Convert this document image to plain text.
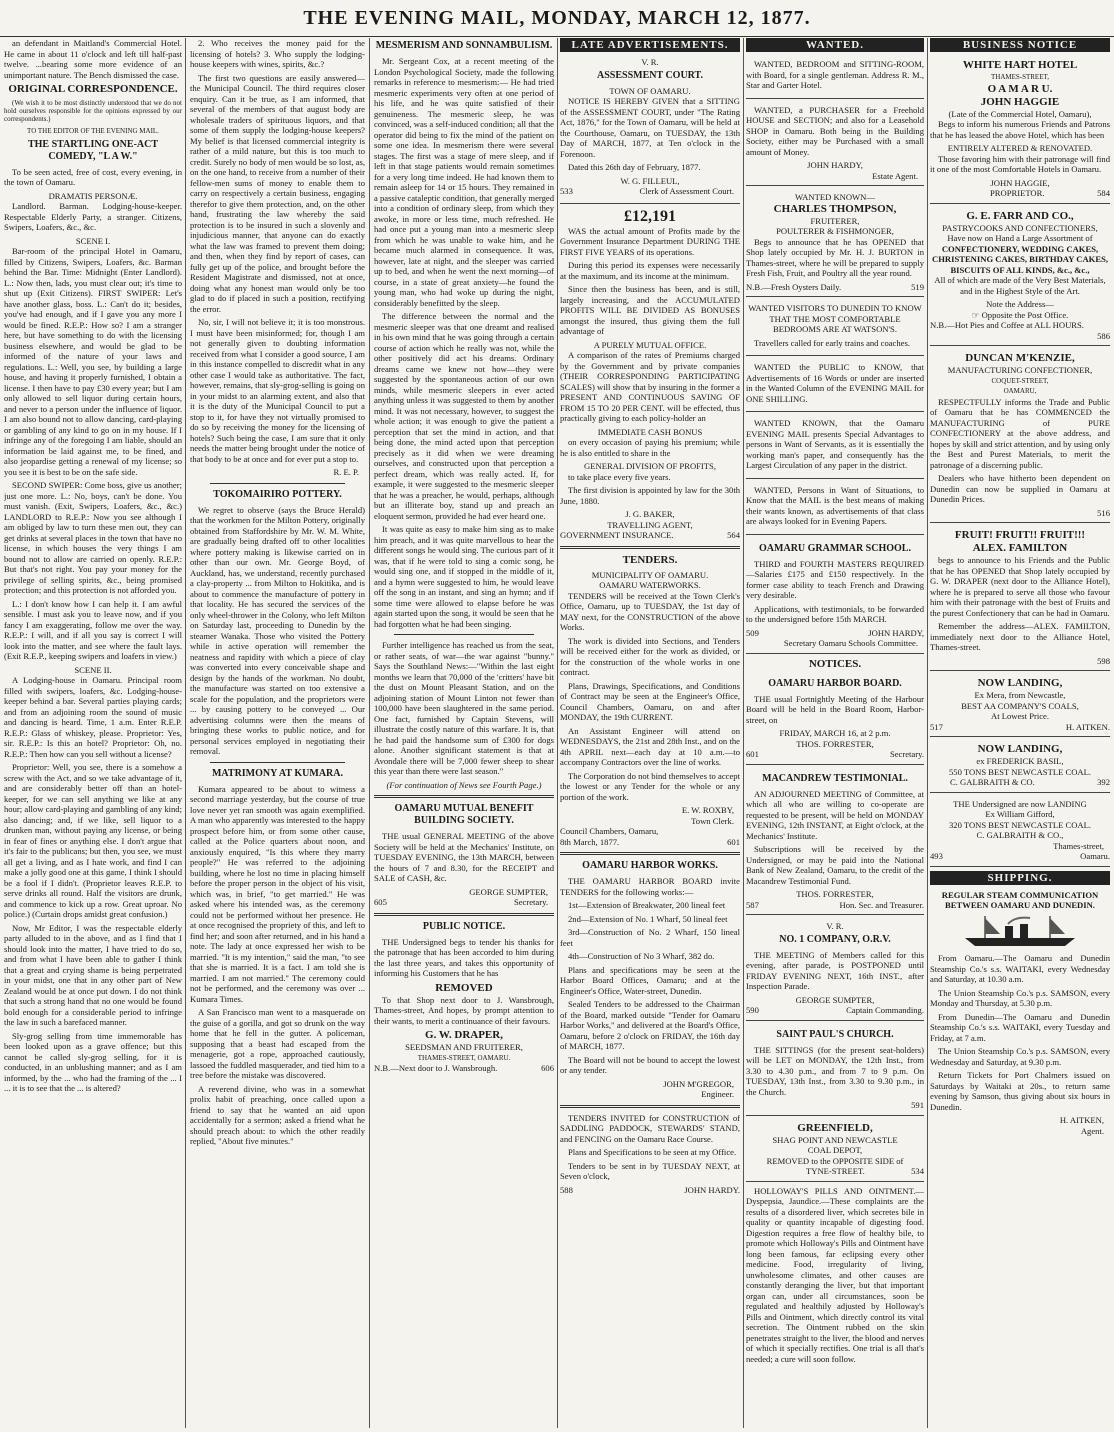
THE EVENING MAIL, MONDAY, MARCH 12, 1877.

an defendant in Maitland's Commercial Hotel. He came in about 11 o'clock and left till half-past twelve. ...bearing some more evidence of an unimportant nature. The Bench dismissed the case.

ORIGINAL CORRESPONDENCE.

(We wish it to be most distinctly understood that we do not hold ourselves responsible for the opinions expressed by our correspondents.)

TO THE EDITOR OF THE EVENING MAIL.
THE STARTLING ONE-ACT COMEDY, "L A W."

To be seen acted, free of cost, every evening, in the town of Oamaru.

DRAMATIS PERSONÆ.

Landlord. Barman. Lodging-house-keeper. Respectable Elderly Party, a stranger. Citizens, Swipers, Loafers, &c., &c.

SCENE I.

Bar-room of the principal Hotel in Oamaru, filled by Citizens, Swipers, Loafers, &c. Barman behind the Bar. Time: Midnight (Enter Landlord). L.: Now then, lads, you must clear out; it's time to shut up (Exit Citizens). FIRST SWIPER: Let's have another glass, boss. L.: Can't do it; besides, you've had enough, and if I gave you any more I would be fined. R.E.P.: How so? I am a stranger here, but have something to do with the licensing business elsewhere, and would be glad to be informed of the nature of your laws and regulations. L.: Well, you see, by building a large house, and having it properly furnished, I obtain a license. I then have to pay £30 every year; but I am only allowed to sell liquor during certain hours, and never to a person under the influence of liquor. I am also bound not to allow dancing, card-playing or gambling of any kind to go on in my house. If I infringe any of the foregoing I am liable, should an information be laid against me, to be fined, and also jeopardise getting a renewal of my license; so you see it is best to be on the safe side.

SECOND SWIPER: Come boss, give us another; just one more. L.: No, boys, can't be done. You must vanish. (Exit, Swipers, Loafers, &c., &c.) LANDLORD to R.E.P.: Now you see although I am obliged by law to turn these men out, they can get drinks at several places in the town that have no license, in which houses the very things I am bound not to allow are carried on openly. R.E.P.: But that's not right. You pay your money for the privilege of selling spirits, &c., being promised protection; and this protection is not afforded you.

L.: I don't know how I can help it. I am awful sensible. I must ask you to leave now, and if you fancy I am exaggerating, follow me over the way. R.E.P.: I will, and if all you say is correct I will look into the matter, and see where the fault lays. (Exit R.E.P., keeping swipers and loafers in view.)

SCENE II.

A Lodging-house in Oamaru. Principal room filled with swipers, loafers, &c. Lodging-house-keeper behind a bar. Several parties playing cards; and from an adjoining room the sound of music and dancing is heard. Time, 1 a.m. Enter R.E.P. R.E.P.: Glass of whiskey, please. Proprietor: Yes, sir. R.E.P.: Is this an hotel? Proprietor: Oh, no. R.E.P.: Then how can you sell without a license?

Proprietor: Well, you see, there is a somehow a screw with the Act, and so we take advantage of it, and are considerably better off than an hotel-keeper, for we can sell anything we like at any hour; allow card-playing and gambling of any kind; also dancing; and, if we like, sell liquor to a drunken man, without paying any license, or being in fear of fines or anything else. I don't argue that it's fair to the publicans; but then, you see, we must all get a living, and as I hate work, and find I can make a jolly good one at this game, I think I should be a fool if I didn't. (Proprietor leaves R.E.P. to serve drinks all round. Half the visitors are drunk, and commence to kick up a row. Great uproar. No police.) (Curtain drops amidst great confusion.)

Now, Mr Editor, I was the respectable elderly party alluded to in the above, and as I find that I should look into the matter, I have tried to do so, and from what I have been able to gather I think that a great and crying shame is being perpetrated in your midst, one that in any other part of New Zealand would be at once put down. I do not think that such a strong hand that no one would be found bold enough for a considerable period to infringe the law in such a barefaced manner.

Sly-grog selling from time immemorable has been looked upon as a grave offence; but this cannot be called sly-grog selling, for it is conducted, in an unblushing manner; and as I am informed, by the ... who had the framing of the ... I ... it is to see that the ... is altered?

2. Who receives the money paid for the licensing of hotels? 3. Who supply the lodging-house keepers with wines, spirits, &c.?

The first two questions are easily answered—the Municipal Council. The third requires closer enquiry. Can it be true, as I am informed, that several of the members of that august body are wholesale traders of spirituous liquors, and that some of them supply the lodging-house keepers? My belief is that licensed commercial integrity is rather of a mild nature, but this is too much to credit. Surely no body of men would be so lost, as, on the one hand, to receive from a number of their fellow-men sums of money to enable them to carry on respectively a certain business, engaging therefor to give them protection, and, on the other hand, frustrating the law whereby the said protection is to be insured in such a slovenly and injudicious manner, that anyone can do exactly what the law was framed to prevent them doing; and then, when they find by report of cases, can fully get up of the police, and brought before the Resident Magistrate and dismissed, not at once, doing what any honest man would only be too glad to do if placed in such a position, rectifying the error.

No, sir, I will not believe it; it is too monstrous. I must have been misinformed; for, though I am not generally given to doubting information received from what I consider a good source, I am in this instance compelled to discredit what in any other case I would take as authoritative. The fact, however, remains, that sly-grog-selling is going on in your midst to an alarming extent, and also that it is the duty of the Municipal Council to put a stop to it, for have they not virtually promised to do so by receiving the money for the licensing of hotels? Such being the case, I am sure that it only needs the matter being brought under the notice of that body to be at once and for ever put a stop to.

R. E. P.
TOKOMAIRIRO POTTERY.

We regret to observe (says the Bruce Herald) that the workmen for the Milton Pottery, originally obtained from Staffordshire by Mr. W. M. White, are gradually being drafted off to other localities where pottery making is likewise carried on in other than our own. Mr. George Boyd, of Auckland, has, we understand, recently purchased a clay-property ... from Milton to Hokitika, and is about to commence the manufacture of pottery in that locality. He has secured the services of the only wheel-thrower in the Colony, who left Milton on Saturday last, proceeding to Dunedin by the steamer Wanaka. Those who visited the Pottery while in active operation will remember the neatness and rapidity with which a piece of clay was converted into every conceivable shape and design by the hands of the workman. No doubt, the manufacture was started on too extensive a scale for the population, and the proprietors were ... by causing pottery to be conveyed ... Our advertising columns were then the means of bringing these works to public notice, and for personal services employed in negotiating their removal.

MATRIMONY AT KUMARA.

Kumara appeared to be about to witness a second marriage yesterday, but the course of true love never yet ran smooth was again exemplified. A man who apparently was interested to the happy prospect before him, or from some other cause, called at the Police quarters about noon, and anxiously enquired, "Is this where they marry people?" He was referred to the adjoining building, where he lost no time in placing himself before the proper person in the object of his visit, which was, in brief, "to get married." He was asked where his intended was, as the ceremony could not be performed without her presence. He at once recognised the propriety of this, and left to find her; and soon after returned, and in his hand a note. The lady at once expressed her wish to be married. "It is my intention," said the man, "to see that she is married. It is a fact. I am told she is married. I am not married." The ceremony could not be performed, and the ceremony was over ... Kumara Times.

A San Francisco man went to a masquerade on the guise of a gorilla, and got so drunk on the way home that he fell in the gutter. A policeman, supposing that a beast had escaped from the menagerie, got a rope, approached cautiously, lassoed the fuddled masquerader, and tied him to a tree before the mistake was discovered.

A reverend divine, who was in a somewhat prolix habit of preaching, once called upon a friend to say that he wanted an aid upon accidentally for a sermon; asked a friend what he should preach about: to which the other readily replied, "About five minutes."

MESMERISM AND SONNAMBULISM.

Mr. Sergeant Cox, at a recent meeting of the London Psychological Society, made the following remarks in reference to mesmerism:— He had tried mesmeric experiments very often at one period of his life, and he was quite satisfied of their genuineness. The mesmeric sleep, he was convinced, was a self-induced condition; all that the operator did being to fix the mind of the patient on some one idea. In mesmerism there were several stages. The first was a stage of mere sleep, and if left in that stage patients would remain sometimes for a very long time indeed. He had known them to remain asleep for 14 or 15 hours. They remained in a passive cataleptic condition, that generally merged into a condition of ordinary sleep, from which they awoke, in more or less time, much refreshed. He had once put a young man into a mesmeric sleep from which he was unable to wake him, and he became much alarmed in consequence. It was, however, late at night, and the sleeper was carried up to bed, and when he went the next morning—of course, in a state of great anxiety—he found the young man, who had woke up during the night, considerably benefitted by the sleep.

The difference between the normal and the mesmeric sleeper was that one dreamt and realised in his own mind that he was going through a certain course of action which he really was not, while the other positively did act his dreams. Ordinary dreams came we knew not how—they were suggested by the spontaneous action of our own minds, while mesmeric sleepers in ever acted anything unless it was suggested to them by another mind. It was not necessary, however, to suggest the whole action; it was enough to give the patient a perception that set the mind in action, and that being done, the mind acted upon that perception precisely as it did when we were dreaming ourselves, and constructed upon that perception a perfect dream, which was really acted. If, for example, it were suggested to the mesmeric sleeper that he was a preacher, he would, perhaps, although but an illiterate boy, stand up and preach an eloquent sermon, provided he had ever heard one.

It was quite as easy to make him sing as to make him preach, and it was quite marvellous to hear the different songs he would sing. The curious part of it was, that if he were told to sing a comic song, he would sing one, and if stopped in the middle of it, and a hymn were suggested to him, he would leave off the song in an instant, and sing an hymn; and if some time were allowed to elapse before he was again started upon the song, it would be seen that he had forgotten what he had been singing.

Further intelligence has reached us from the seat, or rather seats, of war—the war against "bunny." Says the Southland News:—"Within the last eight months we learn that 70,000 of the 'critters' have bit the dust on Mount Pleasant Station, and on the adjoining station of Mount Linton not fewer than 100,000 have been slaughtered in the same period. One fact, furnished by Captain Stevens, will illustrate the costly nature of this warfare. It is, that he had paid the handsome sum of £300 for dogs alone. Another significant statement is that at Avondale there will be 7,000 fewer sheep to shear this year than there were last season."

(For continuation of News see Fourth Page.)
OAMARU MUTUAL BENEFIT BUILDING SOCIETY.

THE usual GENERAL MEETING of the above Society will be held at the Mechanics' Institute, on TUESDAY EVENING, the 13th MARCH, between the hours of 7 and 8.30, for the RECEIPT and SALE of CASH, &c.

GEORGE SUMPTER,
605	Secretary.
PUBLIC NOTICE.

THE Undersigned begs to tender his thanks for the patronage that has been accorded to him during the last three years, and takes this opportunity of informing his Customers that he has

REMOVED

To that Shop next door to J. Wansbrough, Thames-street, And hopes, by prompt attention to their wants, to merit a continuance of their favours.

G. W. DRAPER,
SEEDSMAN AND FRUITERER,
THAMES-STREET, OAMARU.
N.B.—Next door to J. Wansbrough.	606
LATE ADVERTISEMENTS.
V. R.
ASSESSMENT COURT.
TOWN OF OAMARU.

NOTICE IS HEREBY GIVEN that a SITTING of the ASSESSMENT COURT, under "The Rating Act, 1876," for the Town of Oamaru, will be held at the Courthouse, Oamaru, on TUESDAY, the 13th Day of MARCH, 1877, at Ten o'clock in the Forenoon.

Dated this 26th day of February, 1877.

W. G. FILLEUL,
533	Clerk of Assessment Court.
£12,191

WAS the actual amount of Profits made by the Government Insurance Department DURING THE FIRST FIVE YEARS of its operations.

During this period its expenses were necessarily at the maximum, and its income at the minimum.

Since then the business has been, and is still, largely increasing, and the ACCUMULATED PROFITS WILL BE DIVIDED AS BONUSES amongst the insured, thus giving them the full advantage of

A PURELY MUTUAL OFFICE.

A comparison of the rates of Premiums charged by the Government and by private companies (THEIR CORRESPONDING PARTICIPATING SCALES) will show that by insuring in the former a PRESENT AND CONTINUOUS SAVING OF FROM 15 TO 20 PER CENT. will be effected, thus practically giving to each policy-holder an

IMMEDIATE CASH BONUS

on every occasion of paying his premium; while he is also entitled to share in the

GENERAL DIVISION OF PROFITS,

to take place every five years.

The first division is appointed by law for the 30th June, 1880.

J. G. BAKER,
TRAVELLING AGENT,
GOVERNMENT INSURANCE.	564
TENDERS.
MUNICIPALITY OF OAMARU.
OAMARU WATERWORKS.

TENDERS will be received at the Town Clerk's Office, Oamaru, up to TUESDAY, the 1st day of MAY next, for the CONSTRUCTION of the above Works.

The work is divided into Sections, and Tenders will be received either for the work as divided, or for the construction of the whole works in one contract.

Plans, Drawings, Specifications, and Conditions of Contract may be seen at the Engineer's Office, Council Chambers, Oamaru, on and after MONDAY, the 19th CURRENT.

An Assistant Engineer will attend on WEDNESDAYS, the 21st and 28th Inst., and on the 4th APRIL next—each day at 10 a.m.—to accompany Contractors over the line of works.

The Corporation do not bind themselves to accept the lowest or any Tender for the whole or any portion of the work.

E. W. ROXBY,
Town Clerk.
Council Chambers, Oamaru,
8th March, 1877.	601
OAMARU HARBOR WORKS.

THE OAMARU HARBOR BOARD invite TENDERS for the following works:—

1st—Extension of Breakwater, 200 lineal feet

2nd—Extension of No. 1 Wharf, 50 lineal feet

3rd—Construction of No. 2 Wharf, 150 lineal feet

4th—Construction of No 3 Wharf, 382 do.

Plans and specifications may be seen at the Harbor Board Offices, Oamaru; and at the Engineer's Office, Water-street, Dunedin.

Sealed Tenders to be addressed to the Chairman of the Board, marked outside "Tender for Oamaru Harbor Works," and delivered at the Board's Office, Oamaru, before 2 o'clock on FRIDAY, the 16th day of MARCH, 1877.

The Board will not be bound to accept the lowest or any tender.

JOHN M'GREGOR,
Engineer.

TENDERS INVITED for CONSTRUCTION of SADDLING PADDOCK, STEWARDS' STAND, and FENCING on the Oamaru Race Course.

Plans and Specifications to be seen at my Office.

Tenders to be sent in by TUESDAY NEXT, at Seven o'clock,

588	JOHN HARDY.
WANTED.

WANTED, BEDROOM and SITTING-ROOM, with Board, for a single gentleman. Address R. M., Star and Garter Hotel.

WANTED, a PURCHASER for a Freehold HOUSE and SECTION; and also for a Leasehold SHOP in Oamaru. Both being in the Building Society, either may be Purchased with a small amount of Money.

JOHN HARDY,
Estate Agent.
WANTED KNOWN—
CHARLES THOMPSON,
FRUITERER,
POULTERER & FISHMONGER,

Begs to announce that he has OPENED that Shop lately occupied by Mr. H. J. BURTON in Thames-street, where he will be prepared to supply Fresh Fish, Fruit, and Poultry all the year round.

N.B.—Fresh Oysters Daily.	519

WANTED VISITORS TO DUNEDIN TO KNOW THAT THE MOST COMFORTABLE BEDROOMS ARE AT WATSON'S.

Travellers called for early trains and coaches.

WANTED the PUBLIC to KNOW, that Advertisements of 16 Words or under are inserted in the Wanted Column of the EVENING MAIL for ONE SHILLING.

WANTED KNOWN, that the Oamaru EVENING MAIL presents Special Advantages to persons in Want of Servants, as it is essentially the working man's paper, and consequently has the Largest Circulation of any paper in the district.

WANTED, Persons in Want of Situations, to Know that the MAIL is the best means of making their wants known, as advertisements of that class are always looked for in Evening Papers.

OAMARU GRAMMAR SCHOOL.

THIRD and FOURTH MASTERS REQUIRED—Salaries £175 and £150 respectively. In the former case ability to teach French and Drawing very desirable.

Applications, with testimonials, to be forwarded to the undersigned before 15th MARCH.

509	JOHN HARDY,
Secretary Oamaru Schools Committee.
NOTICES.
OAMARU HARBOR BOARD.

THE usual Fortnightly Meeting of the Harbour Board will be held in the Board Room, Harbor-street, on

FRIDAY, MARCH 16, at 2 p.m.
THOS. FORRESTER,
601	Secretary.
MACANDREW TESTIMONIAL.

AN ADJOURNED MEETING of Committee, at which all who are willing to co-operate are requested to be present, will be held on MONDAY EVENING, 12th INSTANT, at Eight o'clock, at the Mechanics' Institute.

Subscriptions will be received by the Undersigned, or may be paid into the National Bank of New Zealand, Oamaru, to the credit of the Macandrew Testimonial Fund.

THOS. FORRESTER,
587	Hon. Sec. and Treasurer.
V. R.
NO. 1 COMPANY, O.R.V.

THE MEETING of Members called for this evening, after parade, is POSTPONED until FRIDAY EVENING NEXT, 16th INST., after Inspection Parade.

GEORGE SUMPTER,
590	Captain Commanding.
SAINT PAUL'S CHURCH.

THE SITTINGS (for the present seat-holders) will be LET on MONDAY, the 12th Inst., from 3.30 to 4.30 p.m., and from 7 to 9 p.m. On TUESDAY, 13th Inst., from 3.30 to 9.30 p.m., in the Church.

591
GREENFIELD,
SHAG POINT AND NEWCASTLE
COAL DEPOT,
REMOVED to the OPPOSITE SIDE of
TYNE-STREET.	534

HOLLOWAY'S PILLS AND OINTMENT.—Dyspepsia, Jaundice.—These complaints are the results of a disordered liver, which secretes bile in quality or quantity incapable of digesting food. Digestion requires a free flow of healthy bile, to promote which Holloway's Pills and Ointment have long been famous, far eclipsing every other medicine. Food, irregularity of living, unwholesome climates, and other causes are constantly deranging the liver, but that important organ can, under all circumstances, soon be regulated and healthily adjusted by Holloway's Pills and Ointment, which directly control its vital secretion. The Ointment rubbed on the skin penetrates straight to the liver, the blood and nerves of which it specially rectifies. One trial is all that's needed; a cure will soon follow.

BUSINESS NOTICE
WHITE HART HOTEL
THAMES-STREET,
O A M A R U.
JOHN HAGGIE
(Late of the Commercial Hotel, Oamaru),

Begs to inform his numerous Friends and Patrons that he has leased the above Hotel, which has been

ENTIRELY ALTERED & RENOVATED.

Those favoring him with their patronage will find it one of the most Comfortable Hotels in Oamaru.

JOHN HAGGIE,
PROPRIETOR.	584
G. E. FARR AND CO.,
PASTRYCOOKS AND CONFECTIONERS,
Have now on Hand a Large Assortment of
CONFECTIONERY, WEDDING CAKES, CHRISTENING CAKES, BIRTHDAY CAKES, BISCUITS OF ALL KINDS, &c., &c.,

All of which are made of the Very Best Materials, and in the Highest Style of the Art.

Note the Address—
☞ Opposite the Post Office.
N.B.—Hot Pies and Coffee at ALL HOURS.
586
DUNCAN M'KENZIE,
MANUFACTURING CONFECTIONER,
COQUET-STREET,
OAMARU,

RESPECTFULLY informs the Trade and Public of Oamaru that he has COMMENCED the MANUFACTURING of PURE CONFECTIONERY at the above address, and hopes by skill and strict attention, and by using only the Best and Purest Materials, to merit the patronage of a discerning public.

Dealers who have hitherto been dependent on Dunedin can now be supplied in Oamaru at Dunedin Prices.

516
FRUIT! FRUIT!! FRUIT!!!
ALEX. FAMILTON

begs to announce to his Friends and the Public that he has OPENED that Shop lately occupied by G. W. DRAPER (next door to the Alliance Hotel), where he is prepared to serve all those who favour him with their patronage with the best of Fruits and the purest Confectionery that can be had in Oamaru.

Remember the address—ALEX. FAMILTON, immediately next door to the Alliance Hotel, Thames-street.

598
NOW LANDING,
Ex Mera, from Newcastle,
BEST AA COMPANY'S COALS,
At Lowest Price.
517	H. AITKEN.
NOW LANDING,
ex FREDERICK BASIL,
550 TONS BEST NEWCASTLE COAL.
C. GALBRAITH & CO.	392
THE Undersigned are now LANDING
Ex William Gifford,
320 TONS BEST NEWCASTLE COAL.
C. GALBRAITH & CO.,
Thames-street,
493	Oamaru.
SHIPPING.
REGULAR STEAM COMMUNICATION BETWEEN OAMARU AND DUNEDIN.

From Oamaru.—The Oamaru and Dunedin Steamship Co.'s s.s. WAITAKI, every Wednesday and Saturday, at 10.30 a.m.

The Union Steamship Co.'s p.s. SAMSON, every Monday and Thursday, at 5.30 p.m.

From Dunedin—The Oamaru and Dunedin Steamship Co.'s s.s. WAITAKI, every Tuesday and Friday, at 7 a.m.

The Union Steamship Co.'s p.s. SAMSON, every Wednesday and Saturday, at 9.30 p.m.

Return Tickets for Port Chalmers issued on Saturdays by Waitaki at 20s., to return same evening by Samson, thus giving about six hours in Dunedin.

H. AITKEN,
Agent.
